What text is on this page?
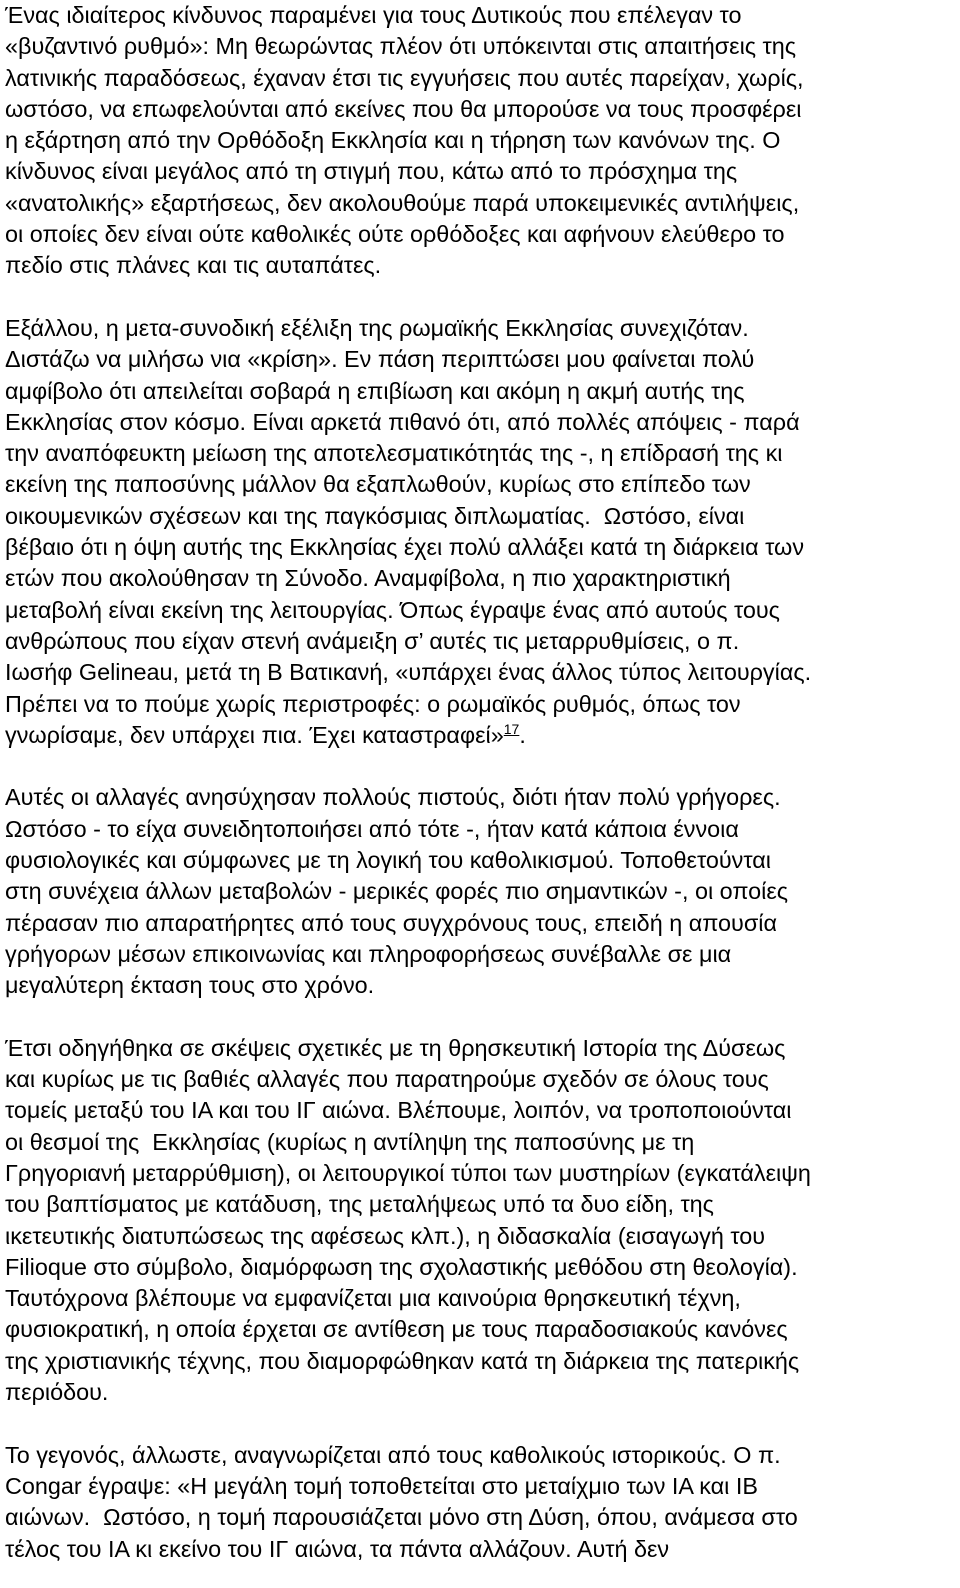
Ένας ιδιαίτερος κίνδυνος παραμένει για τους Δυτικούς που επέλεγαν το

«βυζαντινό ρυθμό»: Μη θεωρώντας πλέον ότι υπόκεινται στις απαιτήσεις της

λατινικής παραδόσεως, έχαναν έτσι τις εγγυήσεις που αυτές παρείχαν, χωρίς,

ωστόσο, να επωφελούνται από εκείνες που θα μπορούσε να τους προσφέρει

η εξάρτηση από την Ορθόδοξη Εκκλησία και η τήρηση των κανόνων της. Ο

κίνδυνος είναι μεγάλος από τη στιγμή που, κάτω από το πρόσχημα της

«ανατολικής» εξαρτήσεως, δεν ακολουθούμε παρά υποκειμενικές αντιλήψεις,

οι οποίες δεν είναι ούτε καθολικές ούτε ορθόδοξες και αφήνουν ελεύθερο το

πεδίο στις πλάνες και τις αυταπάτες.

Εξάλλου, η μετα-συνοδική εξέλιξη της ρωμαϊκής Εκκλησίας συνεχιζόταν.

Διστάζω να μιλήσω νια «κρίση». Εν πάση περιπτώσει μου φαίνεται πολύ

αμφίβολο ότι απειλείται σοβαρά η επιβίωση και ακόμη η ακμή αυτής της

Εκκλησίας στον κόσμο. Είναι αρκετά πιθανό ότι, από πολλές απόψεις - παρά

την αναπόφευκτη μείωση της αποτελεσματικότητάς της -, η επίδρασή της κι

εκείνη της παποσύνης μάλλον θα εξαπλωθούν, κυρίως στο επίπεδο των

οικουμενικών σχέσεων και της παγκόσμιας διπλωματίας.  Ωστόσο, είναι

βέβαιο ότι η όψη αυτής της Εκκλησίας έχει πολύ αλλάξει κατά τη διάρκεια των

ετών που ακολούθησαν τη Σύνοδο. Αναμφίβολα, η πιο χαρακτηριστική

μεταβολή είναι εκείνη της λειτουργίας. Όπως έγραψε ένας από αυτούς τους

ανθρώπους που είχαν στενή ανάμειξη σ’ αυτές τις μεταρρυθμίσεις, ο π.

Ιωσήφ Gelineau, μετά τη Β Βατικανή, «υπάρχει ένας άλλος τύπος λειτουργίας.

Πρέπει να το πούμε χωρίς περιστροφές: ο ρωμαϊκός ρυθμός, όπως τον

γνωρίσαμε, δεν υπάρχει πια. Έχει καταστραφεί»$^{17}$.

Αυτές οι αλλαγές ανησύχησαν πολλούς πιστούς, διότι ήταν πολύ γρήγορες.

Ωστόσο - το είχα συνειδητοποιήσει από τότε -, ήταν κατά κάποια έννοια

φυσιολογικές και σύμφωνες με τη λογική του καθολικισμού. Τοποθετούνται

στη συνέχεια άλλων μεταβολών - μερικές φορές πιο σημαντικών -, οι οποίες

πέρασαν πιο απαρατήρητες από τους συγχρόνους τους, επειδή η απουσία

γρήγορων μέσων επικοινωνίας και πληροφορήσεως συνέβαλλε σε μια

μεγαλύτερη έκταση τους στο χρόνο.

Έτσι οδηγήθηκα σε σκέψεις σχετικές με τη θρησκευτική Ιστορία της Δύσεως

και κυρίως με τις βαθιές αλλαγές που παρατηρούμε σχεδόν σε όλους τους

τομείς μεταξύ του ΙΑ και του ΙΓ αιώνα. Βλέπουμε, λοιπόν, να τροποποιούνται

οι θεσμοί της  Εκκλησίας (κυρίως η αντίληψη της παποσύνης με τη

Γρηγοριανή μεταρρύθμιση), οι λειτουργικοί τύποι των μυστηρίων (εγκατάλειψη

του βαπτίσματος με κατάδυση, της μεταλήψεως υπό τα δυο είδη, της

ικετευτικής διατυπώσεως της αφέσεως κλπ.), η διδασκαλία (εισαγωγή του

Filioque στο σύμβολο, διαμόρφωση της σχολαστικής μεθόδου στη θεολογία).

Ταυτόχρονα βλέπουμε να εμφανίζεται μια καινούρια θρησκευτική τέχνη,

φυσιοκρατική, η οποία έρχεται σε αντίθεση με τους παραδοσιακούς κανόνες

της χριστιανικής τέχνης, που διαμορφώθηκαν κατά τη διάρκεια της πατερικής

περιόδου.

Το γεγονός, άλλωστε, αναγνωρίζεται από τους καθολικούς ιστορικούς. Ο π.

Congar έγραψε: «Η μεγάλη τομή τοποθετείται στο μεταίχμιο των ΙΑ και ΙΒ

αιώνων.  Ωστόσο, η τομή παρουσιάζεται μόνο στη Δύση, όπου, ανάμεσα στο

τέλος του ΙΑ κι εκείνο του ΙΓ αιώνα, τα πάντα αλλάζουν. Αυτή δεν
